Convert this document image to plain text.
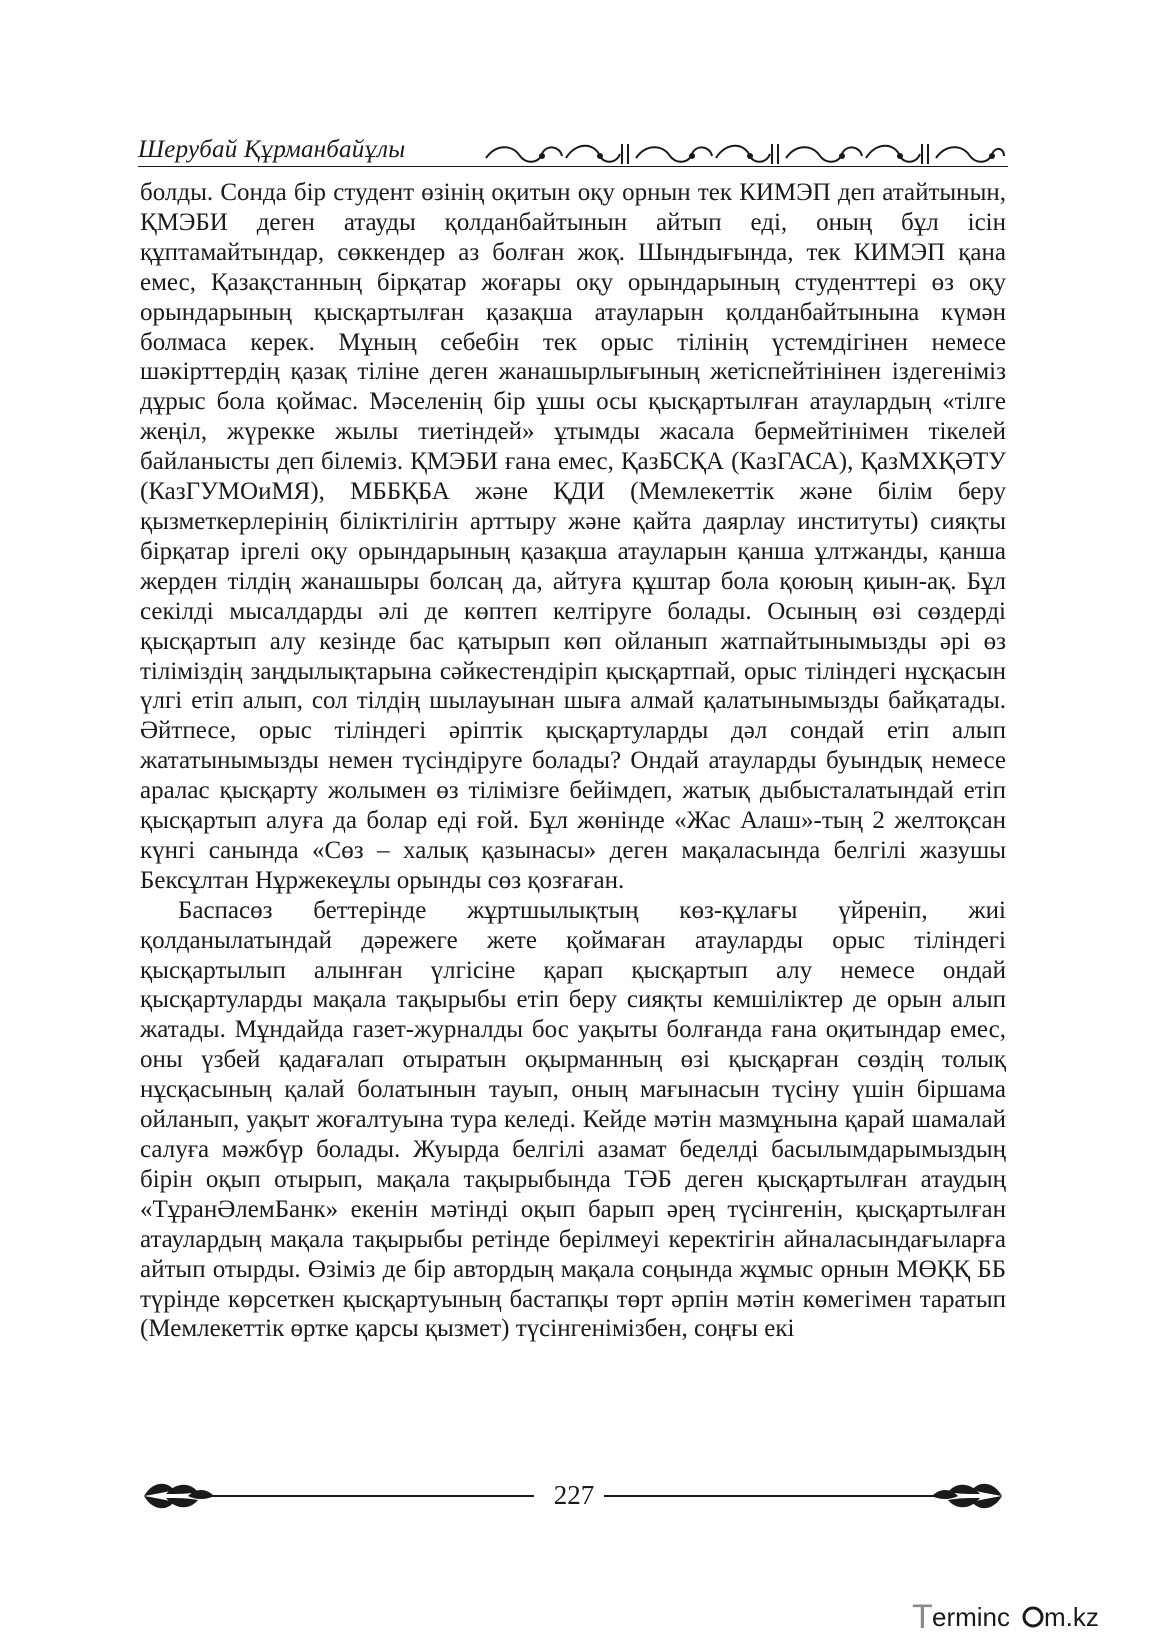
Шерубай Құрманбайұлы

болды. Сонда бір студент өзінің оқитын оқу орнын тек КИМЭП деп атайтынын, ҚМЭБИ деген атауды қолданбайтынын айтып еді, оның бұл ісін құптамайтындар, сөккендер аз болған жоқ. Шындығында, тек КИМЭП қана емес, Қазақстанның бірқатар жоғары оқу орындарының студенттері өз оқу орындарының қысқартылған қазақша атауларын қолданбайтынына күмән болмаса керек. Мұның себебін тек орыс тілінің үстемдігінен немесе шәкірттердің қазақ тіліне деген жанашырлығының жетіспейтінінен іздегеніміз дұрыс бола қоймас. Мәселенің бір ұшы осы қысқартылған атаулардың «тілге жеңіл, жүрекке жылы тиетіндей» ұтымды жасала бермейтінімен тікелей байланысты деп білеміз. ҚМЭБИ ғана емес, ҚазБСҚА (КазГАСА), ҚазМХҚӘТУ (КазГУМОиМЯ), МББҚБА және ҚДИ (Мемлекеттік және білім беру қызметкерлерінің біліктілігін арттыру және қайта даярлау институты) сияқты бірқатар іргелі оқу орындарының қазақша атауларын қанша ұлтжанды, қанша жерден тілдің жанашыры болсаң да, айтуға құштар бола қоюың қиын-ақ. Бұл секілді мысалдарды әлі де көптеп келтіруге болады. Осының өзі сөздерді қысқартып алу кезінде бас қатырып көп ойланып жатпайтынымызды әрі өз тіліміздің заңдылықтарына сәйкестендіріп қысқартпай, орыс тіліндегі нұсқасын үлгі етіп алып, сол тілдің шылауынан шыға алмай қалатынымызды байқатады. Әйтпесе, орыс тіліндегі әріптік қысқартуларды дәл сондай етіп алып жататынымызды немен түсіндіруге болады? Ондай атауларды буындық немесе аралас қысқарту жолымен өз тілімізге бейімдеп, жатық дыбысталатындай етіп қысқартып алуға да болар еді ғой. Бұл жөнінде «Жас Алаш»-тың 2 желтоқсан күнгі санында «Сөз – халық қазынасы» деген мақаласында белгілі жазушы Бексұлтан Нұржекеұлы орынды сөз қозғаған.

Баспасөз беттерінде жұртшылықтың көз-құлағы үйреніп, жиі қолданылатындай дәрежеге жете қоймаған атауларды орыс тіліндегі қысқартылып алынған үлгісіне қарап қысқартып алу немесе ондай қысқартуларды мақала тақырыбы етіп беру сияқты кемшіліктер де орын алып жатады. Мұндайда газет-журналды бос уақыты болғанда ғана оқитындар емес, оны үзбей қадағалап отыратын оқырманның өзі қысқарған сөздің толық нұсқасының қалай болатынын тауып, оның мағынасын түсіну үшін біршама ойланып, уақыт жоғалтуына тура келеді. Кейде мәтін мазмұнына қарай шамалай салуға мәжбүр болады. Жуырда белгілі азамат беделді басылымдарымыздың бірін оқып отырып, мақала тақырыбында ТӘБ деген қысқартылған атаудың «ТұранӘлемБанк» екенін мәтінді оқып барып әрең түсінгенін, қысқартылған атаулардың мақала тақырыбы ретінде берілмеуі керектігін айналасындағыларға айтып отырды. Өзіміз де бір автордың мақала соңында жұмыс орнын МӨҚҚ ББ түрінде көрсеткен қысқартуының бастапқы төрт әрпін мәтін көмегімен таратып (Мемлекеттік өртке қарсы қызмет) түсінгенімізбен, соңғы екі

227
T erminc m.kz
